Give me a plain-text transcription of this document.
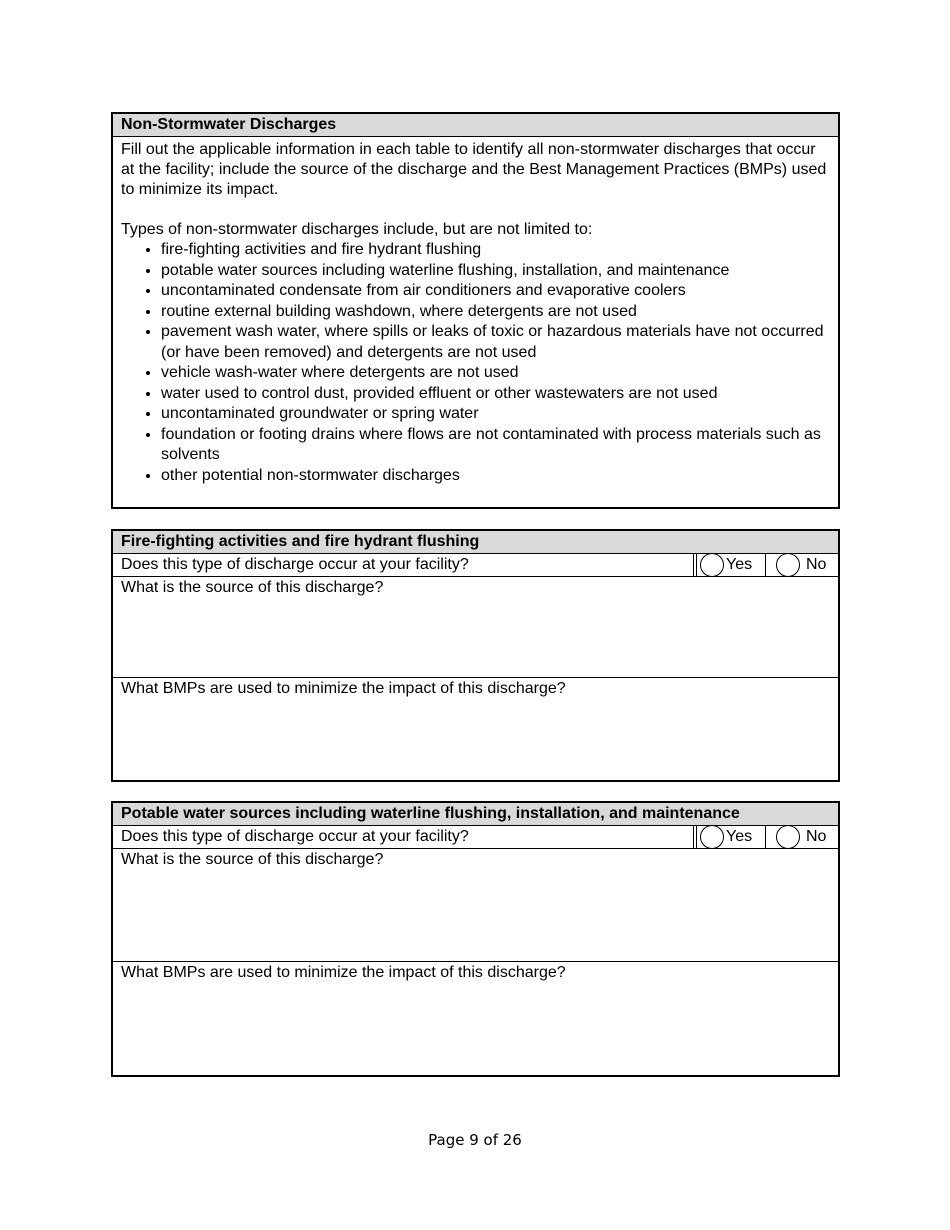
Non-Stormwater Discharges

Fill out the applicable information in each table to identify all non-stormwater discharges that occur at the facility; include the source of the discharge and the Best Management Practices (BMPs) used to minimize its impact.

Types of non-stormwater discharges include, but are not limited to:

• fire-fighting activities and fire hydrant flushing
• potable water sources including waterline flushing, installation, and maintenance
• uncontaminated condensate from air conditioners and evaporative coolers
• routine external building washdown, where detergents are not used
• pavement wash water, where spills or leaks of toxic or hazardous materials have not occurred (or have been removed) and detergents are not used
• vehicle wash-water where detergents are not used
• water used to control dust, provided effluent or other wastewaters are not used
• uncontaminated groundwater or spring water
• foundation or footing drains where flows are not contaminated with process materials such as solvents
• other potential non-stormwater discharges
Fire-fighting activities and fire hydrant flushing
Does this type of discharge occur at your facility?	Yes	No
What is the source of this discharge?
What BMPs are used to minimize the impact of this discharge?
Potable water sources including waterline flushing, installation, and maintenance
Does this type of discharge occur at your facility?	Yes	No
What is the source of this discharge?
What BMPs are used to minimize the impact of this discharge?
Page 9 of 26
